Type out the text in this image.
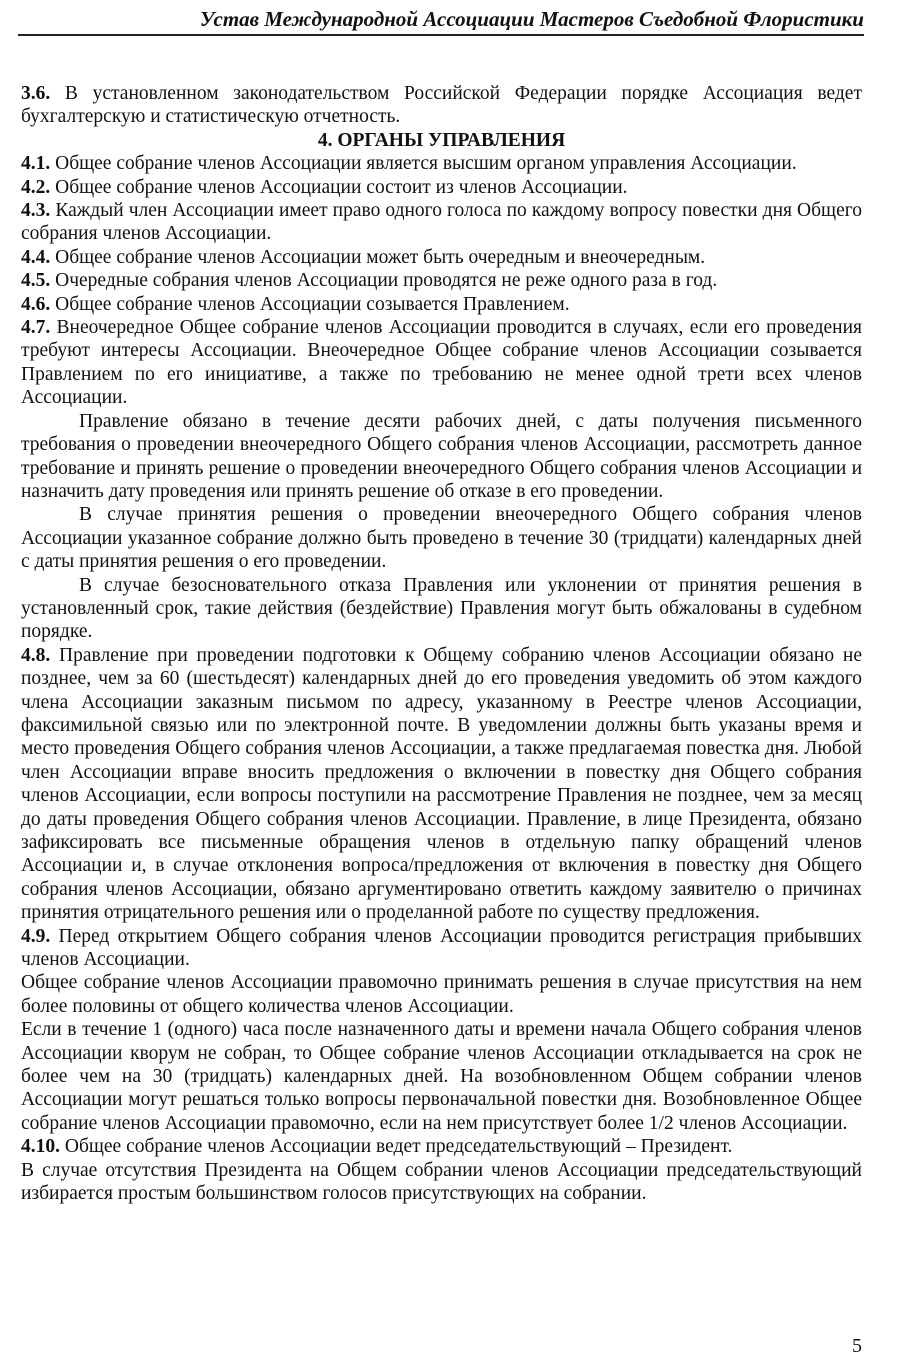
Устав Международной Ассоциации Мастеров Съедобной Флористики

3.6. В установленном законодательством Российской Федерации порядке Ассоциация ведет бухгалтерскую и статистическую отчетность.

4. ОРГАНЫ УПРАВЛЕНИЯ

4.1. Общее собрание членов Ассоциации является высшим органом управления Ассоциации.

4.2. Общее собрание членов Ассоциации состоит из членов Ассоциации.

4.3. Каждый член Ассоциации имеет право одного голоса по каждому вопросу повестки дня Общего собрания членов Ассоциации.

4.4. Общее собрание членов Ассоциации может быть очередным и внеочередным.

4.5. Очередные собрания членов Ассоциации проводятся не реже одного раза в год.

4.6. Общее собрание членов Ассоциации созывается Правлением.

4.7. Внеочередное Общее собрание членов Ассоциации проводится в случаях, если его проведения требуют интересы Ассоциации. Внеочередное Общее собрание членов Ассоциации созывается Правлением по его инициативе, а также по требованию не менее одной трети всех членов Ассоциации.

Правление обязано в течение десяти рабочих дней, с даты получения письменного требования о проведении внеочередного Общего собрания членов Ассоциации, рассмотреть данное требование и принять решение о проведении внеочередного Общего собрания членов Ассоциации и назначить дату проведения или принять решение об отказе в его проведении.

В случае принятия решения о проведении внеочередного Общего собрания членов Ассоциации указанное собрание должно быть проведено в течение 30 (тридцати) календарных дней с даты принятия решения о его проведении.

В случае безосновательного отказа Правления или уклонении от принятия решения в установленный срок, такие действия (бездействие) Правления могут быть обжалованы в судебном порядке.

4.8. Правление при проведении подготовки к Общему собранию членов Ассоциации обязано не позднее, чем за 60 (шестьдесят) календарных дней до его проведения уведомить об этом каждого члена Ассоциации заказным письмом по адресу, указанному в Реестре членов Ассоциации, факсимильной связью или по электронной почте. В уведомлении должны быть указаны время и место проведения Общего собрания членов Ассоциации, а также предлагаемая повестка дня. Любой член Ассоциации вправе вносить предложения о включении в повестку дня Общего собрания членов Ассоциации, если вопросы поступили на рассмотрение Правления не позднее, чем за месяц до даты проведения Общего собрания членов Ассоциации. Правление, в лице Президента, обязано зафиксировать все письменные обращения членов в отдельную папку обращений членов Ассоциации и, в случае отклонения вопроса/предложения от включения в повестку дня Общего собрания членов Ассоциации, обязано аргументировано ответить каждому заявителю о причинах принятия отрицательного решения или о проделанной работе по существу предложения.

4.9. Перед открытием Общего собрания членов Ассоциации проводится регистрация прибывших членов Ассоциации.

Общее собрание членов Ассоциации правомочно принимать решения в случае присутствия на нем более половины от общего количества членов Ассоциации.

Если в течение 1 (одного) часа после назначенного даты и времени начала Общего собрания членов Ассоциации кворум не собран, то Общее собрание членов Ассоциации откладывается на срок не более чем на 30 (тридцать) календарных дней. На возобновленном Общем собрании членов Ассоциации могут решаться только вопросы первоначальной повестки дня. Возобновленное Общее собрание членов Ассоциации правомочно, если на нем присутствует более 1/2 членов Ассоциации.

4.10. Общее собрание членов Ассоциации ведет председательствующий – Президент.

В случае отсутствия Президента на Общем собрании членов Ассоциации председательствующий избирается простым большинством голосов присутствующих на собрании.

5
